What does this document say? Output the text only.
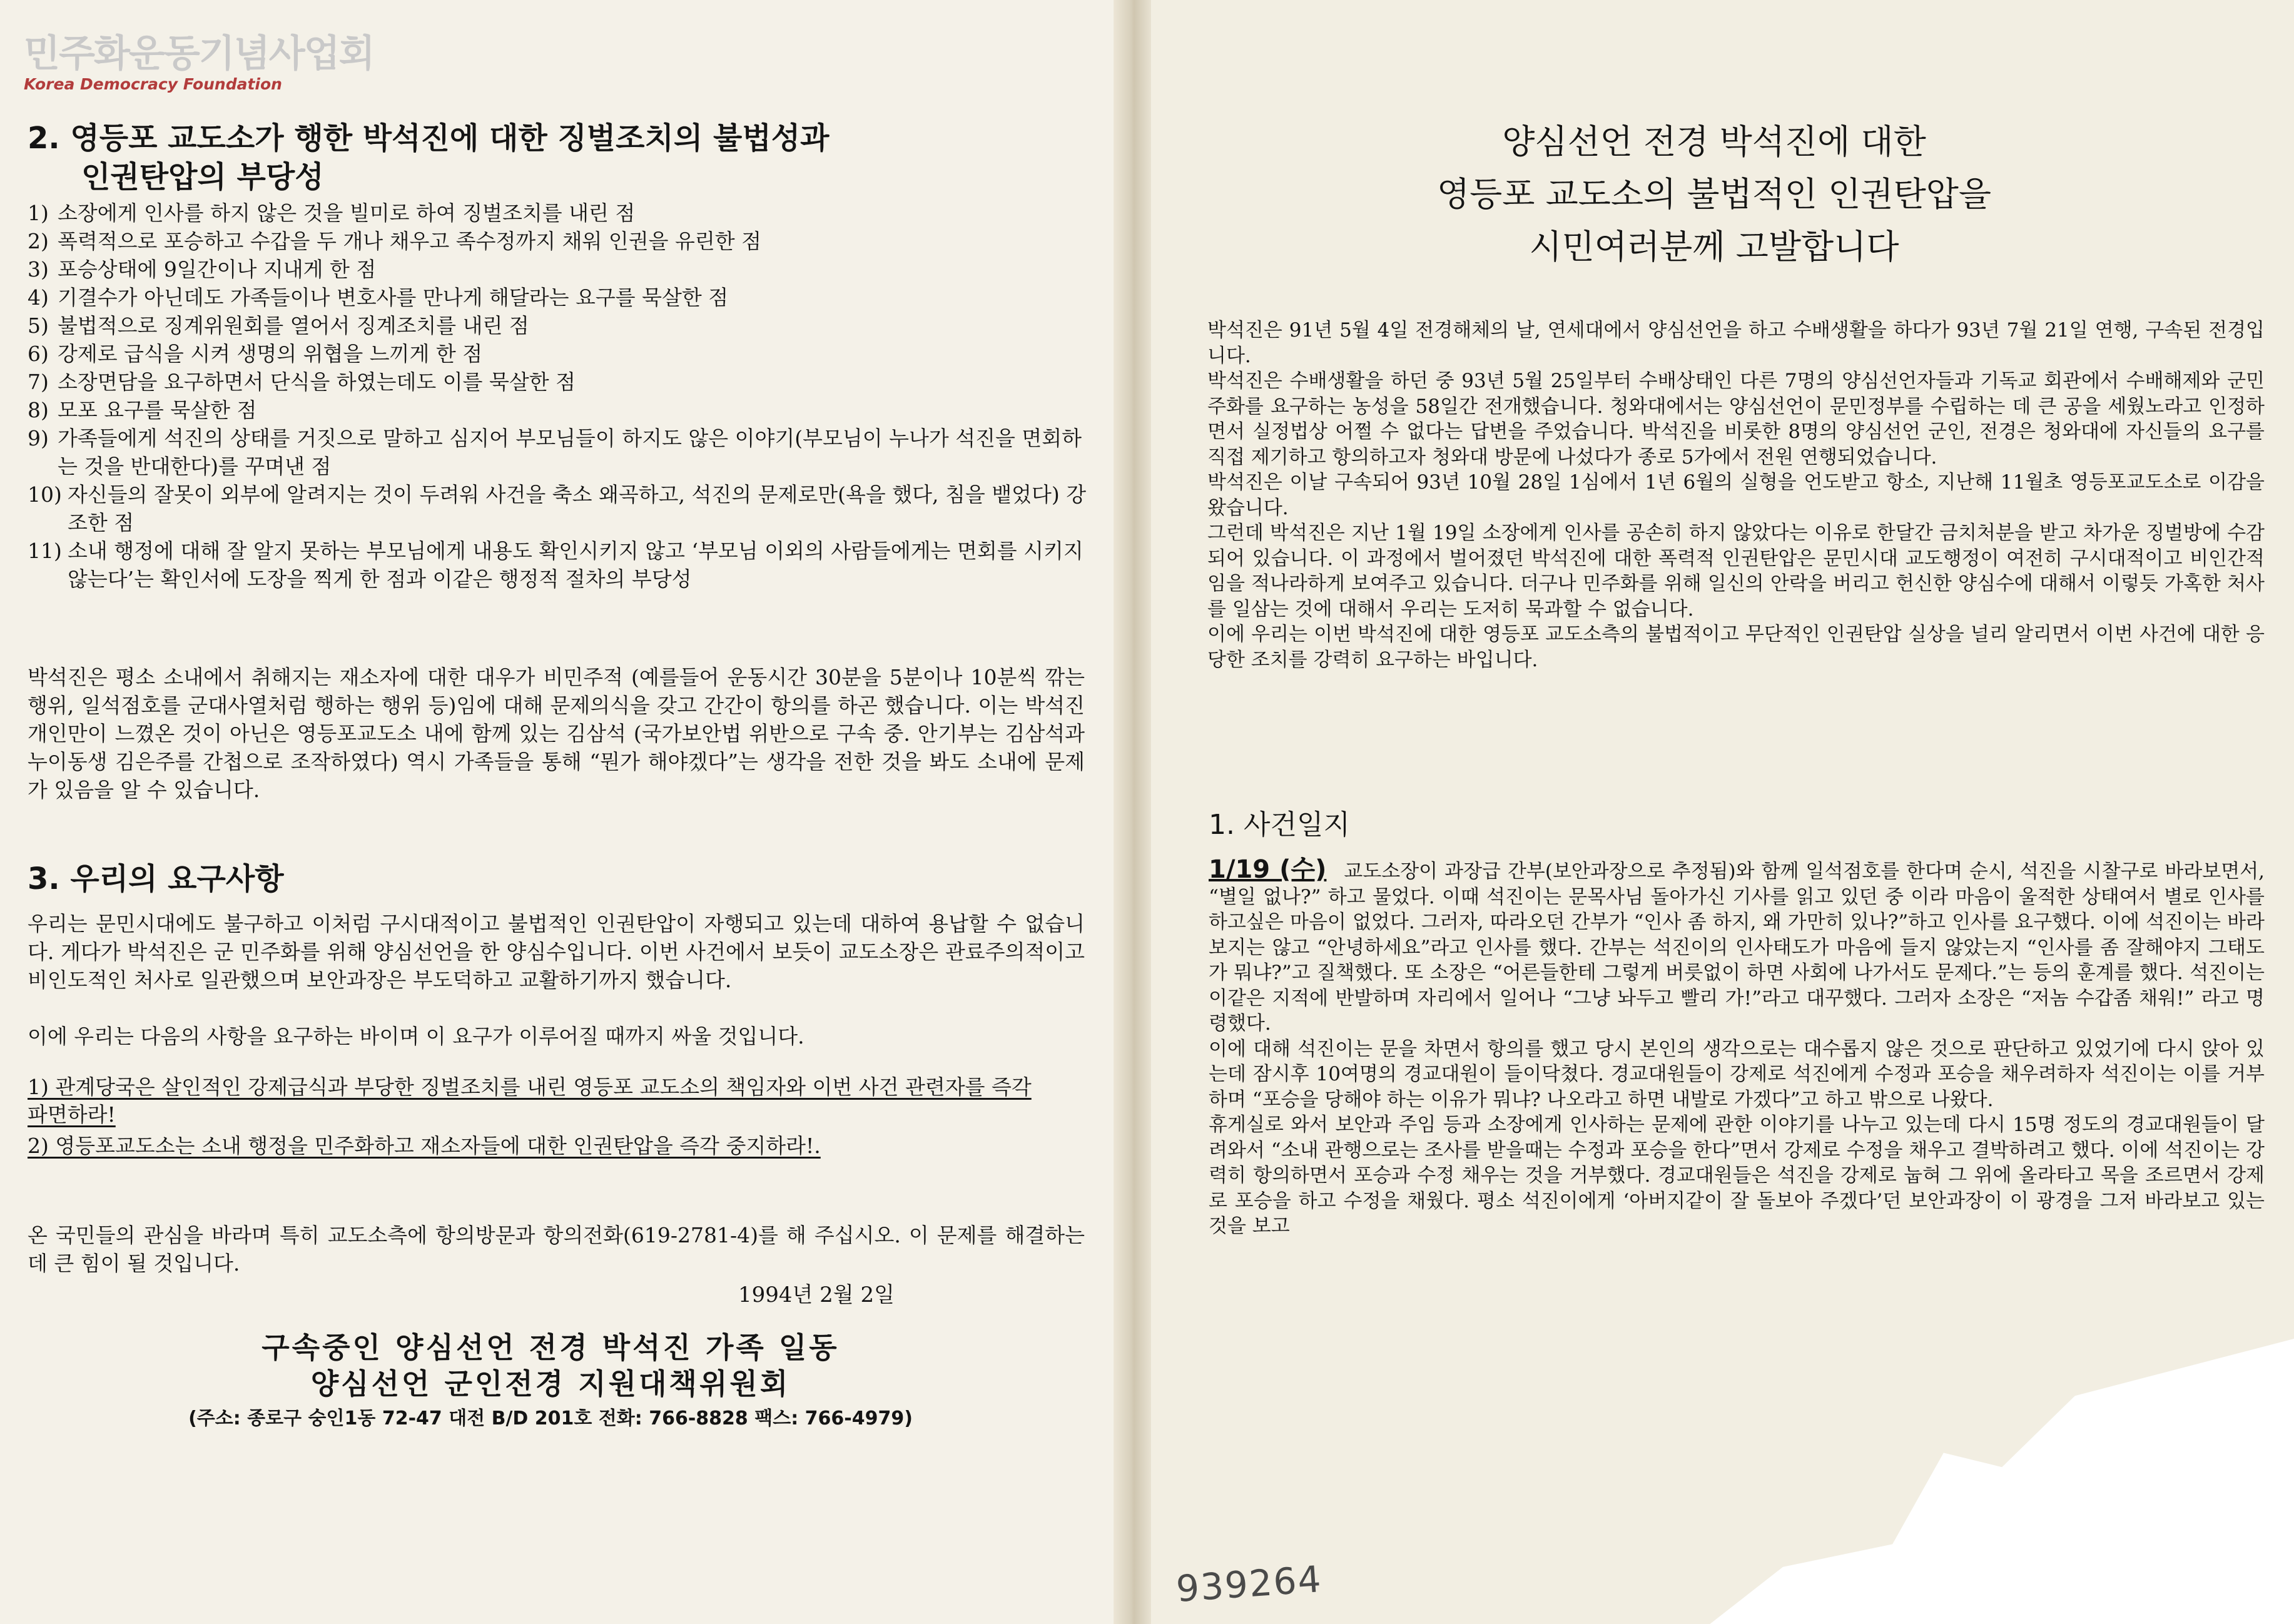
민주화운동기념사업회
Korea Democracy Foundation
2. 영등포 교도소가 행한 박석진에 대한 징벌조치의 불법성과
인권탄압의 부당성
1) 소장에게 인사를 하지 않은 것을 빌미로 하여 징벌조치를 내린 점
2) 폭력적으로 포승하고 수갑을 두 개나 채우고 족수정까지 채워 인권을 유린한 점
3) 포승상태에 9일간이나 지내게 한 점
4) 기결수가 아닌데도 가족들이나 변호사를 만나게 해달라는 요구를 묵살한 점
5) 불법적으로 징계위원회를 열어서 징계조치를 내린 점
6) 강제로 급식을 시켜 생명의 위협을 느끼게 한 점
7) 소장면담을 요구하면서 단식을 하였는데도 이를 묵살한 점
8) 모포 요구를 묵살한 점
9) 가족들에게 석진의 상태를 거짓으로 말하고 심지어 부모님들이 하지도 않은 이야기(부모님이 누나가 석진을 면회하는 것을 반대한다)를 꾸며낸 점
10) 자신들의 잘못이 외부에 알려지는 것이 두려워 사건을 축소 왜곡하고, 석진의 문제로만(욕을 했다, 침을 뱉었다) 강조한 점
11) 소내 행정에 대해 잘 알지 못하는 부모님에게 내용도 확인시키지 않고 ‘부모님 이외의 사람들에게는 면회를 시키지 않는다’는 확인서에 도장을 찍게 한 점과 이같은 행정적 절차의 부당성
박석진은 평소 소내에서 취해지는 재소자에 대한 대우가 비민주적 (예를들어 운동시간 30분을 5분이나 10분씩 깎는 행위, 일석점호를 군대사열처럼 행하는 행위 등)임에 대해 문제의식을 갖고 간간이 항의를 하곤 했습니다. 이는 박석진 개인만이 느꼈온 것이 아닌은 영등포교도소 내에 함께 있는 김삼석 (국가보안법 위반으로 구속 중. 안기부는 김삼석과 누이동생 김은주를 간첩으로 조작하였다) 역시 가족들을 통해 “뭔가 해야겠다”는 생각을 전한 것을 봐도 소내에 문제가 있음을 알 수 있습니다.
3. 우리의 요구사항
우리는 문민시대에도 불구하고 이처럼 구시대적이고 불법적인 인권탄압이 자행되고 있는데 대하여 용납할 수 없습니다. 게다가 박석진은 군 민주화를 위해 양심선언을 한 양심수입니다. 이번 사건에서 보듯이 교도소장은 관료주의적이고 비인도적인 처사로 일관했으며 보안과장은 부도덕하고 교활하기까지 했습니다.
이에 우리는 다음의 사항을 요구하는 바이며 이 요구가 이루어질 때까지 싸울 것입니다.
1) 관계당국은 살인적인 강제급식과 부당한 징벌조치를 내린 영등포 교도소의 책임자와 이번 사건 관련자를 즉각 파면하라!
2) 영등포교도소는 소내 행정을 민주화하고 재소자들에 대한 인권탄압을 즉각 중지하라!.
온 국민들의 관심을 바라며 특히 교도소측에 항의방문과 항의전화(619-2781-4)를 해 주십시오. 이 문제를 해결하는 데 큰 힘이 될 것입니다.
1994년 2월 2일
구속중인 양심선언 전경 박석진 가족 일동
양심선언 군인전경 지원대책위원회
(주소: 종로구 숭인1동 72-47 대전 B/D 201호 전화: 766-8828 팩스: 766-4979)
양심선언 전경 박석진에 대한
영등포 교도소의 불법적인 인권탄압을
시민여러분께 고발합니다
박석진은 91년 5월 4일 전경해체의 날, 연세대에서 양심선언을 하고 수배생활을 하다가 93년 7월 21일 연행, 구속된 전경입니다.
박석진은 수배생활을 하던 중 93년 5월 25일부터 수배상태인 다른 7명의 양심선언자들과 기독교 회관에서 수배해제와 군민주화를 요구하는 농성을 58일간 전개했습니다. 청와대에서는 양심선언이 문민정부를 수립하는 데 큰 공을 세웠노라고 인정하면서 실정법상 어쩔 수 없다는 답변을 주었습니다. 박석진을 비롯한 8명의 양심선언 군인, 전경은 청와대에 자신들의 요구를 직접 제기하고 항의하고자 청와대 방문에 나섰다가 종로 5가에서 전원 연행되었습니다.
박석진은 이날 구속되어 93년 10월 28일 1심에서 1년 6월의 실형을 언도받고 항소, 지난해 11월초 영등포교도소로 이감을 왔습니다.
그런데 박석진은 지난 1월 19일 소장에게 인사를 공손히 하지 않았다는 이유로 한달간 금치처분을 받고 차가운 징벌방에 수감되어 있습니다. 이 과정에서 벌어졌던 박석진에 대한 폭력적 인권탄압은 문민시대 교도행정이 여전히 구시대적이고 비인간적임을 적나라하게 보여주고 있습니다. 더구나 민주화를 위해 일신의 안락을 버리고 헌신한 양심수에 대해서 이렇듯 가혹한 처사를 일삼는 것에 대해서 우리는 도저히 묵과할 수 없습니다.
이에 우리는 이번 박석진에 대한 영등포 교도소측의 불법적이고 무단적인 인권탄압 실상을 널리 알리면서 이번 사건에 대한 응당한 조치를 강력히 요구하는 바입니다.
1. 사건일지
1/19 (수) 교도소장이 과장급 간부(보안과장으로 추정됨)와 함께 일석점호를 한다며 순시, 석진을 시찰구로 바라보면서, “별일 없나?” 하고 물었다. 이때 석진이는 문목사님 돌아가신 기사를 읽고 있던 중 이라 마음이 울적한 상태여서 별로 인사를 하고싶은 마음이 없었다. 그러자, 따라오던 간부가 “인사 좀 하지, 왜 가만히 있나?”하고 인사를 요구했다. 이에 석진이는 바라보지는 않고 “안녕하세요”라고 인사를 했다. 간부는 석진이의 인사태도가 마음에 들지 않았는지 “인사를 좀 잘해야지 그태도가 뭐냐?”고 질책했다. 또 소장은 “어른들한테 그렇게 버릇없이 하면 사회에 나가서도 문제다.”는 등의 훈계를 했다. 석진이는 이같은 지적에 반발하며 자리에서 일어나 “그냥 놔두고 빨리 가!”라고 대꾸했다. 그러자 소장은 “저놈 수갑좀 채워!” 라고 명령했다.
이에 대해 석진이는 문을 차면서 항의를 했고 당시 본인의 생각으로는 대수롭지 않은 것으로 판단하고 있었기에 다시 앉아 있는데 잠시후 10여명의 경교대원이 들이닥쳤다. 경교대원들이 강제로 석진에게 수정과 포승을 채우려하자 석진이는 이를 거부하며 “포승을 당해야 하는 이유가 뭐냐? 나오라고 하면 내발로 가겠다”고 하고 밖으로 나왔다.
휴게실로 와서 보안과 주임 등과 소장에게 인사하는 문제에 관한 이야기를 나누고 있는데 다시 15명 정도의 경교대원들이 달려와서 “소내 관행으로는 조사를 받을때는 수정과 포승을 한다”면서 강제로 수정을 채우고 결박하려고 했다. 이에 석진이는 강력히 항의하면서 포승과 수정 채우는 것을 거부했다. 경교대원들은 석진을 강제로 눕혀 그 위에 올라타고 목을 조르면서 강제로 포승을 하고 수정을 채웠다. 평소 석진이에게 ‘아버지같이 잘 돌보아 주겠다’던 보안과장이 이 광경을 그저 바라보고 있는 것을 보고
939264
